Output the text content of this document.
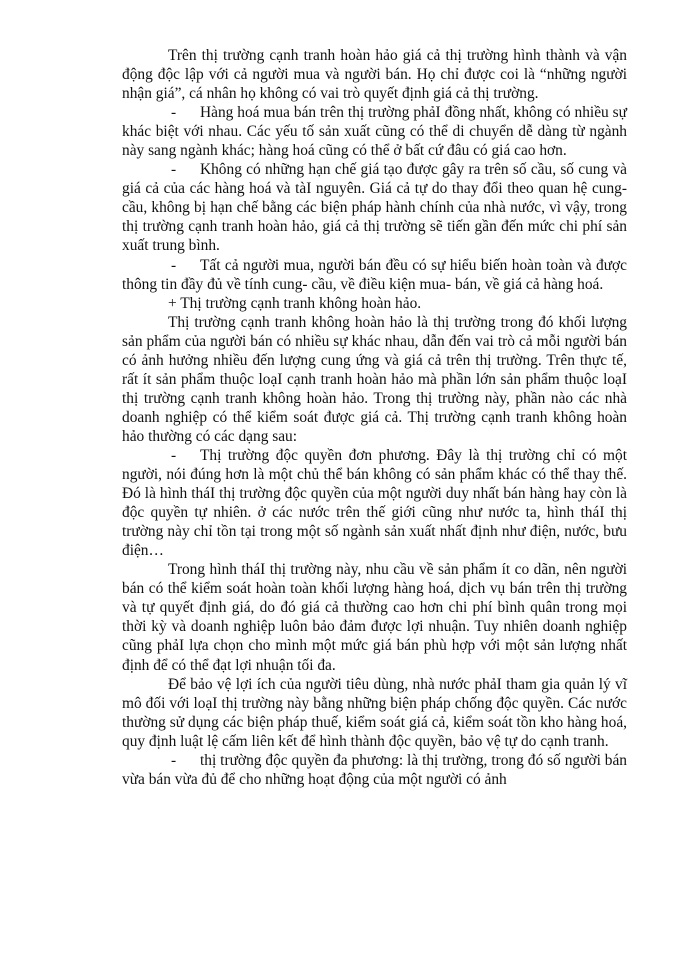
Trên thị trường cạnh tranh hoàn hảo giá cả thị trường hình thành và vận động độc lập với cả người mua và người bán. Họ chỉ được coi là “những người nhận giá”, cá nhân họ không có vai trò quyết định giá cả thị trường.

- Hàng hoá mua bán trên thị trường phảI đồng nhất, không có nhiều sự khác biệt với nhau. Các yếu tố sản xuất cũng có thể di chuyển dễ dàng từ ngành này sang ngành khác; hàng hoá cũng có thể ở bất cứ đâu có giá cao hơn.

- Không có những hạn chế giá tạo được gây ra trên số cầu, số cung và giá cả của các hàng hoá và tàI nguyên. Giá cả tự do thay đổi theo quan hệ cung- cầu, không bị hạn chế bằng các biện pháp hành chính của nhà nước, vì vậy, trong thị trường cạnh tranh hoàn hảo, giá cả thị trường sẽ tiến gần đến mức chi phí sản xuất trung bình.

- Tất cả người mua, người bán đều có sự hiểu biến hoàn toàn và được thông tin đầy đủ về tính cung- cầu, về điều kiện mua- bán, về giá cả hàng hoá.

+ Thị trường cạnh tranh không hoàn hảo.

Thị trường cạnh tranh không hoàn hảo là thị trường trong đó khối lượng sản phẩm của người bán có nhiều sự khác nhau, dẫn đến vai trò cả mỗi người bán có ảnh hưởng nhiều đến lượng cung ứng và giá cả trên thị trường. Trên thực tế, rất ít sản phẩm thuộc loạI cạnh tranh hoàn hảo mà phần lớn sản phẩm thuộc loạI thị trường cạnh tranh không hoàn hảo. Trong thị trường này, phần nào các nhà doanh nghiệp có thể kiểm soát được giá cả. Thị trường cạnh tranh không hoàn hảo thường có các dạng sau:

- Thị trường độc quyền đơn phương. Đây là thị trường chỉ có một người, nói đúng hơn là một chủ thể bán không có sản phẩm khác có thể thay thế. Đó là hình tháI thị trường độc quyền của một người duy nhất bán hàng hay còn là độc quyền tự nhiên. ở các nước trên thế giới cũng như nước ta, hình tháI thị trường này chỉ tồn tại trong một số ngành sản xuất nhất định như điện, nước, bưu điện…

Trong hình tháI thị trường này, nhu cầu về sản phẩm ít co dãn, nên người bán có thể kiểm soát hoàn toàn khối lượng hàng hoá, dịch vụ bán trên thị trường và tự quyết định giá, do đó giá cả thường cao hơn chi phí bình quân trong mọi thời kỳ và doanh nghiệp luôn bảo đảm được lợi nhuận. Tuy nhiên doanh nghiệp cũng phảI lựa chọn cho mình một mức giá bán phù hợp với một sản lượng nhất định để có thể đạt lợi nhuận tối đa.

Để bảo vệ lợi ích của người tiêu dùng, nhà nước phảI tham gia quản lý vĩ mô đối với loạI thị trường này bằng những biện pháp chống độc quyền. Các nước thường sử dụng các biện pháp thuế, kiểm soát giá cả, kiểm soát tồn kho hàng hoá, quy định luật lệ cấm liên kết để hình thành độc quyền, bảo vệ tự do cạnh tranh.

- thị trường độc quyền đa phương: là thị trường, trong đó số người bán vừa bán vừa đủ để cho những hoạt động của một người có ảnh
